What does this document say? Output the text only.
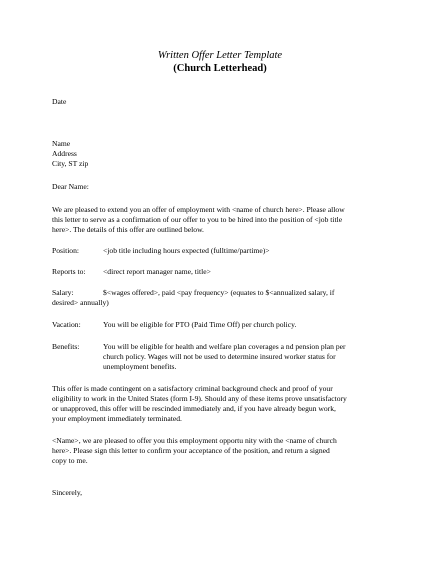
Written Offer Letter Template
(Church Letterhead)
Date
Name
Address
City, ST zip
Dear Name:
We are pleased to extend you an offer of employment with <name of church here>. Please allow
this letter to serve as a confirmation of our offer to you to be hired into the position of <job title
here>. The details of this offer are outlined below.
Position:	<job title including hours expected (fulltime/partime)>
Reports to: <direct report manager name, title>
Salary:	$<wages offered>, paid <pay frequency> (equates to $<annualized salary, if
desired> annually)
Vacation:	You will be eligible for PTO (Paid Time Off) per church policy.
Benefits:	You will be eligible for health and welfare plan coverages a nd pension plan per
church policy. Wages will not be used to determine insured worker status for
unemployment benefits.
This offer is made contingent on a satisfactory criminal background check and proof of your
eligibility to work in the United States (form I-9). Should any of these items prove unsatisfactory
or unapproved, this offer will be rescinded immediately and, if you have already begun work,
your employment immediately terminated.
<Name>, we are pleased to offer you this employment opportu nity with the <name of church
here>. Please sign this letter to confirm your acceptance of the position, and return a signed
copy to me.
Sincerely,
